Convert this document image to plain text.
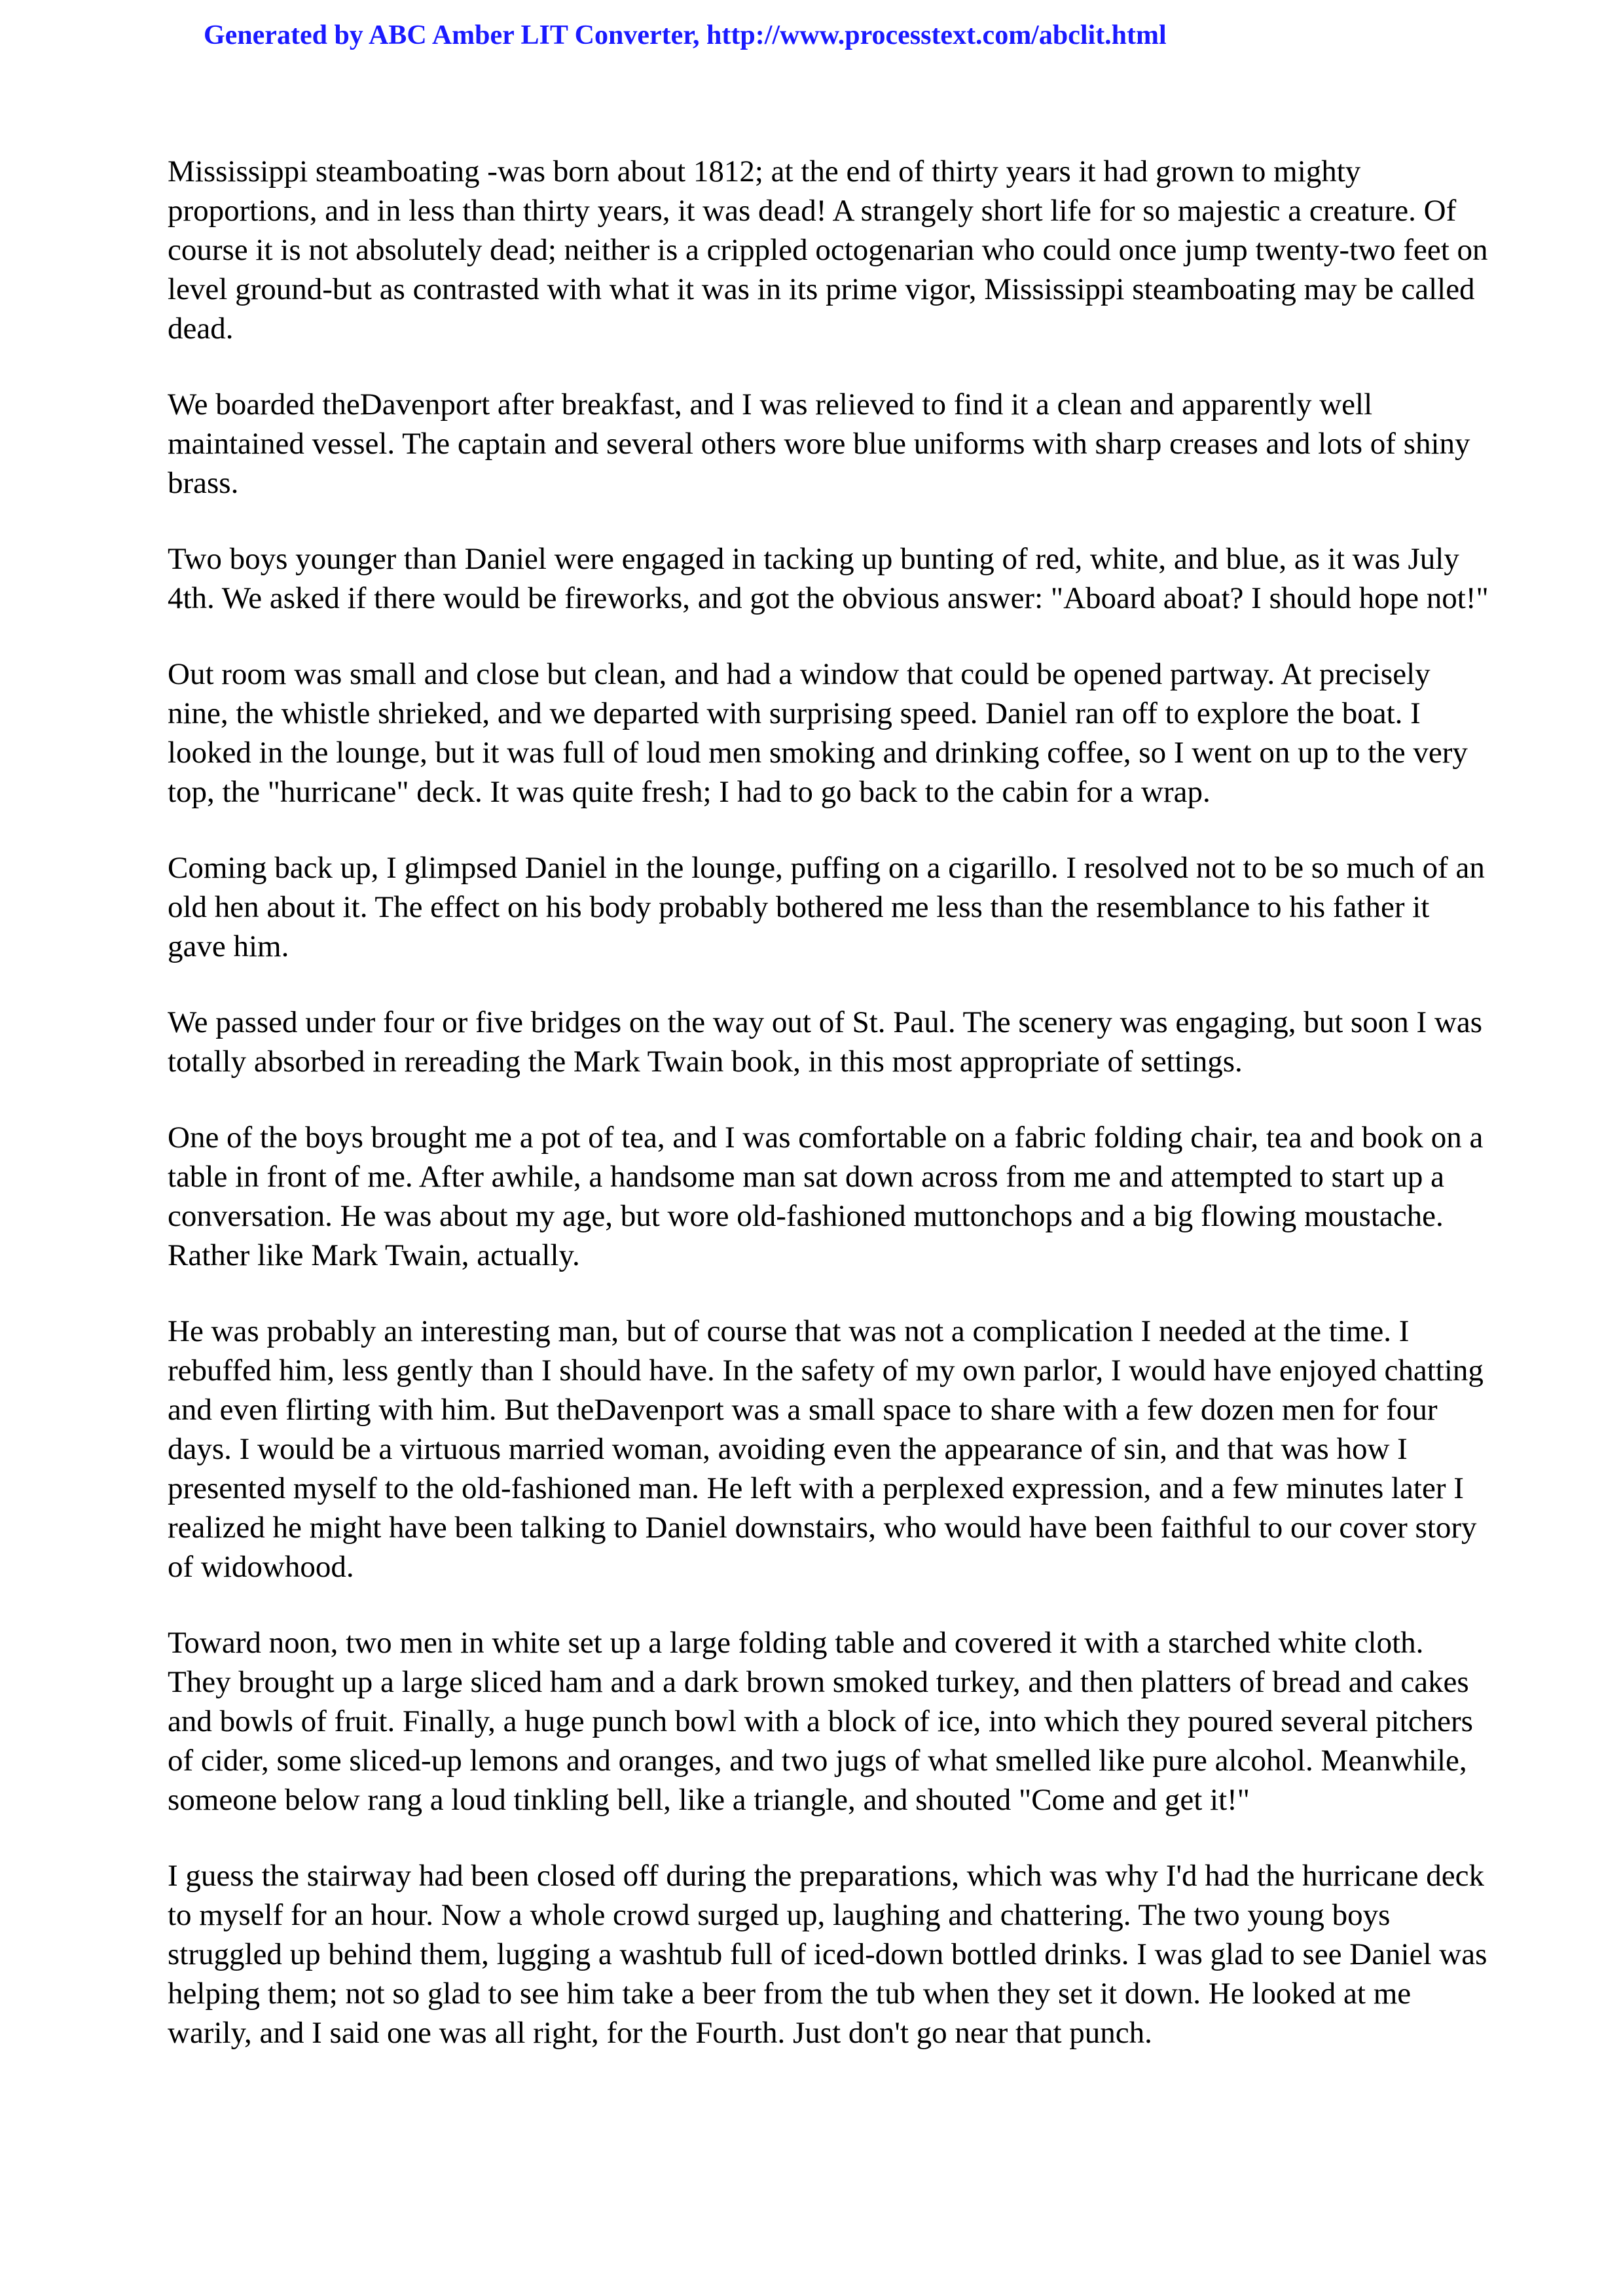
Generated by ABC Amber LIT Converter, http://www.processtext.com/abclit.html

Mississippi steamboating -was born about 1812; at the end of thirty years it had grown to mighty proportions, and in less than thirty years, it was dead! A strangely short life for so majestic a creature. Of course it is not absolutely dead; neither is a crippled octogenarian who could once jump twenty-two feet on level ground-but as contrasted with what it was in its prime vigor, Mississippi steamboating may be called dead.

We boarded theDavenport after breakfast, and I was relieved to find it a clean and apparently well maintained vessel. The captain and several others wore blue uniforms with sharp creases and lots of shiny brass.

Two boys younger than Daniel were engaged in tacking up bunting of red, white, and blue, as it was July 4th. We asked if there would be fireworks, and got the obvious answer: "Aboard aboat? I should hope not!"

Out room was small and close but clean, and had a window that could be opened partway. At precisely nine, the whistle shrieked, and we departed with surprising speed. Daniel ran off to explore the boat. I looked in the lounge, but it was full of loud men smoking and drinking coffee, so I went on up to the very top, the "hurricane" deck. It was quite fresh; I had to go back to the cabin for a wrap.

Coming back up, I glimpsed Daniel in the lounge, puffing on a cigarillo. I resolved not to be so much of an old hen about it. The effect on his body probably bothered me less than the resemblance to his father it gave him.

We passed under four or five bridges on the way out of St. Paul. The scenery was engaging, but soon I was totally absorbed in rereading the Mark Twain book, in this most appropriate of settings.

One of the boys brought me a pot of tea, and I was comfortable on a fabric folding chair, tea and book on a table in front of me. After awhile, a handsome man sat down across from me and attempted to start up a conversation. He was about my age, but wore old-fashioned muttonchops and a big flowing moustache. Rather like Mark Twain, actually.

He was probably an interesting man, but of course that was not a complication I needed at the time. I rebuffed him, less gently than I should have. In the safety of my own parlor, I would have enjoyed chatting and even flirting with him. But theDavenport was a small space to share with a few dozen men for four days. I would be a virtuous married woman, avoiding even the appearance of sin, and that was how I presented myself to the old-fashioned man. He left with a perplexed expression, and a few minutes later I realized he might have been talking to Daniel downstairs, who would have been faithful to our cover story of widowhood.

Toward noon, two men in white set up a large folding table and covered it with a starched white cloth. They brought up a large sliced ham and a dark brown smoked turkey, and then platters of bread and cakes and bowls of fruit. Finally, a huge punch bowl with a block of ice, into which they poured several pitchers of cider, some sliced-up lemons and oranges, and two jugs of what smelled like pure alcohol. Meanwhile, someone below rang a loud tinkling bell, like a triangle, and shouted "Come and get it!"

I guess the stairway had been closed off during the preparations, which was why I'd had the hurricane deck to myself for an hour. Now a whole crowd surged up, laughing and chattering. The two young boys struggled up behind them, lugging a washtub full of iced-down bottled drinks. I was glad to see Daniel was helping them; not so glad to see him take a beer from the tub when they set it down. He looked at me warily, and I said one was all right, for the Fourth. Just don't go near that punch.
